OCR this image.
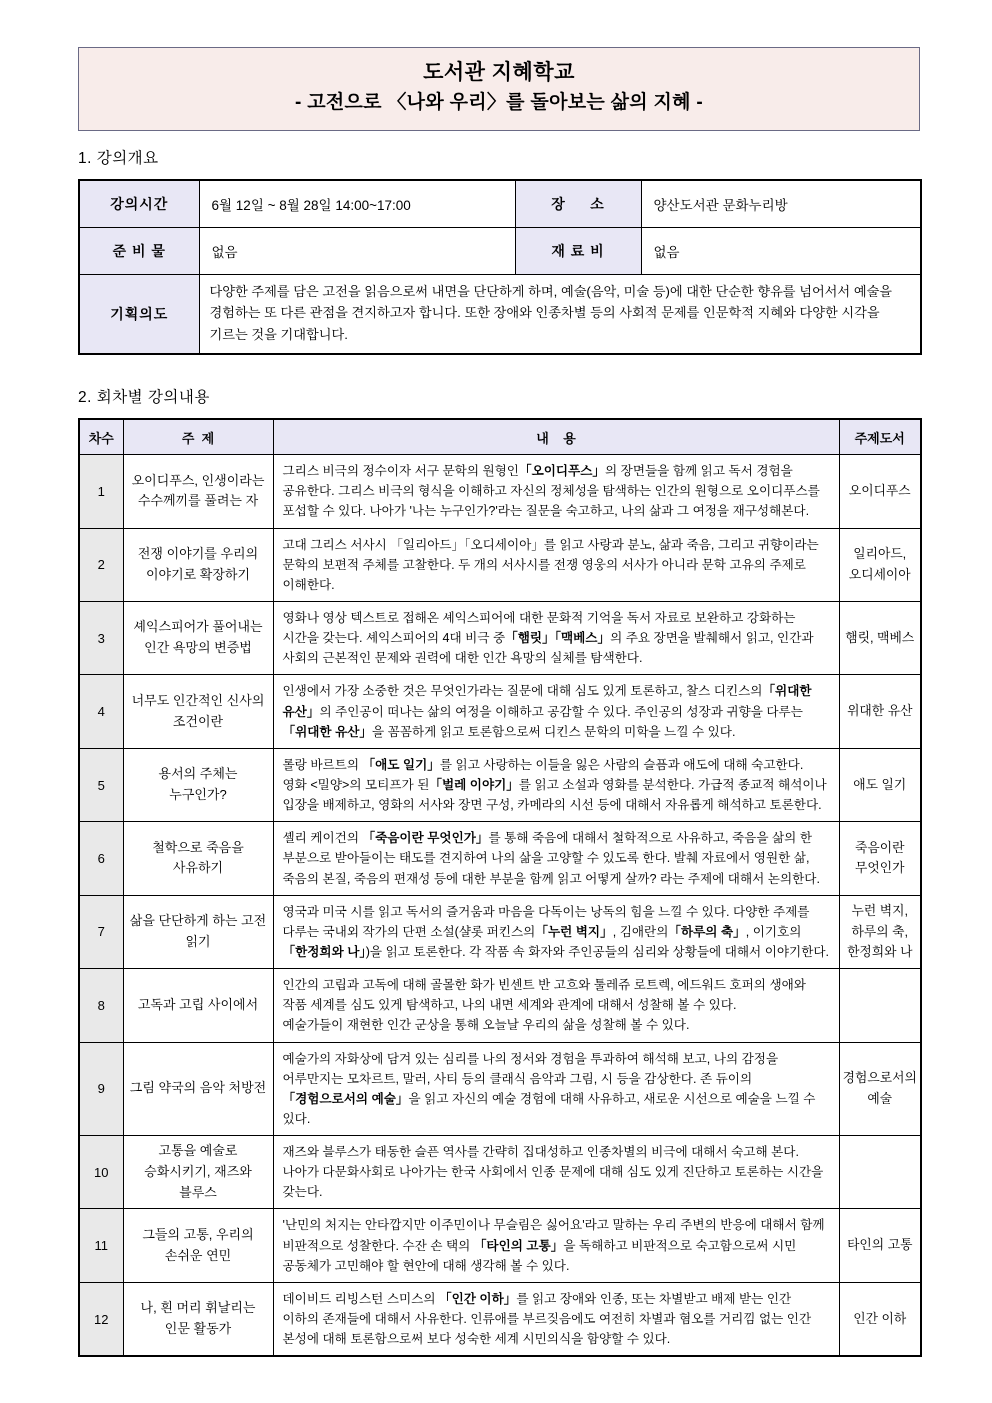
도서관 지혜학교
- 고전으로 〈나와 우리〉를 돌아보는 삶의 지혜 -
1. 강의개요
강의시간	6월 12일 ~ 8월 28일 14:00~17:00	장     소	양산도서관 문화누리방
준 비 물	없음	재 료 비	없음
기획의도	다양한 주제를 담은 고전을 읽음으로써 내면을 단단하게 하며, 예술(음악, 미술 등)에 대한 단순한 향유를 넘어서서 예술을 경험하는 또 다른 관점을 견지하고자 합니다. 또한 장애와 인종차별 등의 사회적 문제를 인문학적 지혜와 다양한 시각을 기르는 것을 기대합니다.		
2. 회차별 강의내용
차수	주  제	내    용	주제도서
1	오이디푸스, 인생이라는 수수께끼를 풀려는 자	그리스 비극의 정수이자 서구 문학의 원형인「오이디푸스」의 장면들을 함께 읽고 독서 경험을 공유한다. 그리스 비극의 형식을 이해하고 자신의 정체성을 탐색하는 인간의 원형으로 오이디푸스를 포섭할 수 있다. 나아가 '나는 누구인가?'라는 질문을 숙고하고, 나의 삶과 그 여정을 재구성해본다.	오이디푸스
2	전쟁 이야기를 우리의 이야기로 확장하기	고대 그리스 서사시 「일리아드」「오디세이아」를 읽고 사랑과 분노, 삶과 죽음, 그리고 귀향이라는 문학의 보편적 주체를 고찰한다. 두 개의 서사시를 전쟁 영웅의 서사가 아니라 문학 고유의 주제로 이해한다.	일리아드, 오디세이아
3	셰익스피어가 풀어내는 인간 욕망의 변증법	영화나 영상 텍스트로 접해온 셰익스피어에 대한 문화적 기억을 독서 자료로 보완하고 강화하는 시간을 갖는다. 셰익스피어의 4대 비극 중「햄릿」「맥베스」의 주요 장면을 발췌해서 읽고, 인간과 사회의 근본적인 문제와 권력에 대한 인간 욕망의 실체를 탐색한다.	햄릿, 맥베스
4	너무도 인간적인 신사의 조건이란	인생에서 가장 소중한 것은 무엇인가라는 질문에 대해 심도 있게 토론하고, 찰스 디킨스의「위대한 유산」의 주인공이 떠나는 삶의 여정을 이해하고 공감할 수 있다. 주인공의 성장과 귀향을 다루는「위대한 유산」을 꼼꼼하게 읽고 토론함으로써 디킨스 문학의 미학을 느낄 수 있다.	위대한 유산
5	용서의 주체는 누구인가?	롤랑 바르트의 「애도 일기」를 읽고 사랑하는 이들을 잃은 사람의 슬픔과 애도에 대해 숙고한다. 영화 <밀양>의 모티프가 된「벌레 이야기」를 읽고 소설과 영화를 분석한다. 가급적 종교적 해석이나 입장을 배제하고, 영화의 서사와 장면 구성, 카메라의 시선 등에 대해서 자유롭게 해석하고 토론한다.	애도 일기
6	철학으로 죽음을 사유하기	셸리 케이건의 「죽음이란 무엇인가」를 통해 죽음에 대해서 철학적으로 사유하고, 죽음을 삶의 한 부분으로 받아들이는 태도를 견지하여 나의 삶을 고양할 수 있도록 한다. 발췌 자료에서 영원한 삶, 죽음의 본질, 죽음의 편재성 등에 대한 부분을 함께 읽고 어떻게 살까? 라는 주제에 대해서 논의한다.	죽음이란 무엇인가
7	삶을 단단하게 하는 고전 읽기	영국과 미국 시를 읽고 독서의 즐거움과 마음을 다독이는 낭독의 힘을 느낄 수 있다. 다양한 주제를 다루는 국내외 작가의 단편 소설(샬롯 퍼킨스의「누런 벽지」, 김애란의「하루의 축」, 이기호의「한정희와 나」)을 읽고 토론한다. 각 작품 속 화자와 주인공들의 심리와 상황들에 대해서 이야기한다.	누런 벽지, 하루의 축, 한정희와 나
8	고독과 고립 사이에서	인간의 고립과 고독에 대해 골몰한 화가 빈센트 반 고흐와 툴레쥬 로트렉, 에드워드 호퍼의 생애와 작품 세계를 심도 있게 탐색하고, 나의 내면 세계와 관계에 대해서 성찰해 볼 수 있다.
예술가들이 재현한 인간 군상을 통해 오늘날 우리의 삶을 성찰해 볼 수 있다.	
9	그림 약국의 음악 처방전	예술가의 자화상에 담겨 있는 심리를 나의 정서와 경험을 투과하여 해석해 보고, 나의 감정을 어루만지는 모차르트, 말러, 사티 등의 클래식 음악과 그림, 시 등을 감상한다. 존 듀이의 「경험으로서의 예술」을 읽고 자신의 예술 경험에 대해 사유하고, 새로운 시선으로 예술을 느낄 수 있다.	경험으로서의 예술
10	고통을 예술로 승화시키기, 재즈와 블루스	재즈와 블루스가 태동한 슬픈 역사를 간략히 집대성하고 인종차별의 비극에 대해서 숙고해 본다. 나아가 다문화사회로 나아가는 한국 사회에서 인종 문제에 대해 심도 있게 진단하고 토론하는 시간을 갖는다.	
11	그들의 고통, 우리의 손쉬운 연민	'난민의 처지는 안타깝지만 이주민이나 무슬림은 싫어요'라고 말하는 우리 주변의 반응에 대해서 함께 비판적으로 성찰한다. 수잔 손 택의 「타인의 고통」을 독해하고 비판적으로 숙고함으로써 시민 공동체가 고민해야 할 현안에 대해 생각해 볼 수 있다.	타인의 고통
12	나, 흰 머리 휘날리는 인문 활동가	데이비드 리빙스턴 스미스의 「인간 이하」를 읽고 장애와 인종, 또는 차별받고 배제 받는 인간 이하의 존재들에 대해서 사유한다. 인류애를 부르짖음에도 여전히 차별과 혐오를 거리낌 없는 인간 본성에 대해 토론함으로써 보다 성숙한 세계 시민의식을 함양할 수 있다.	인간 이하
